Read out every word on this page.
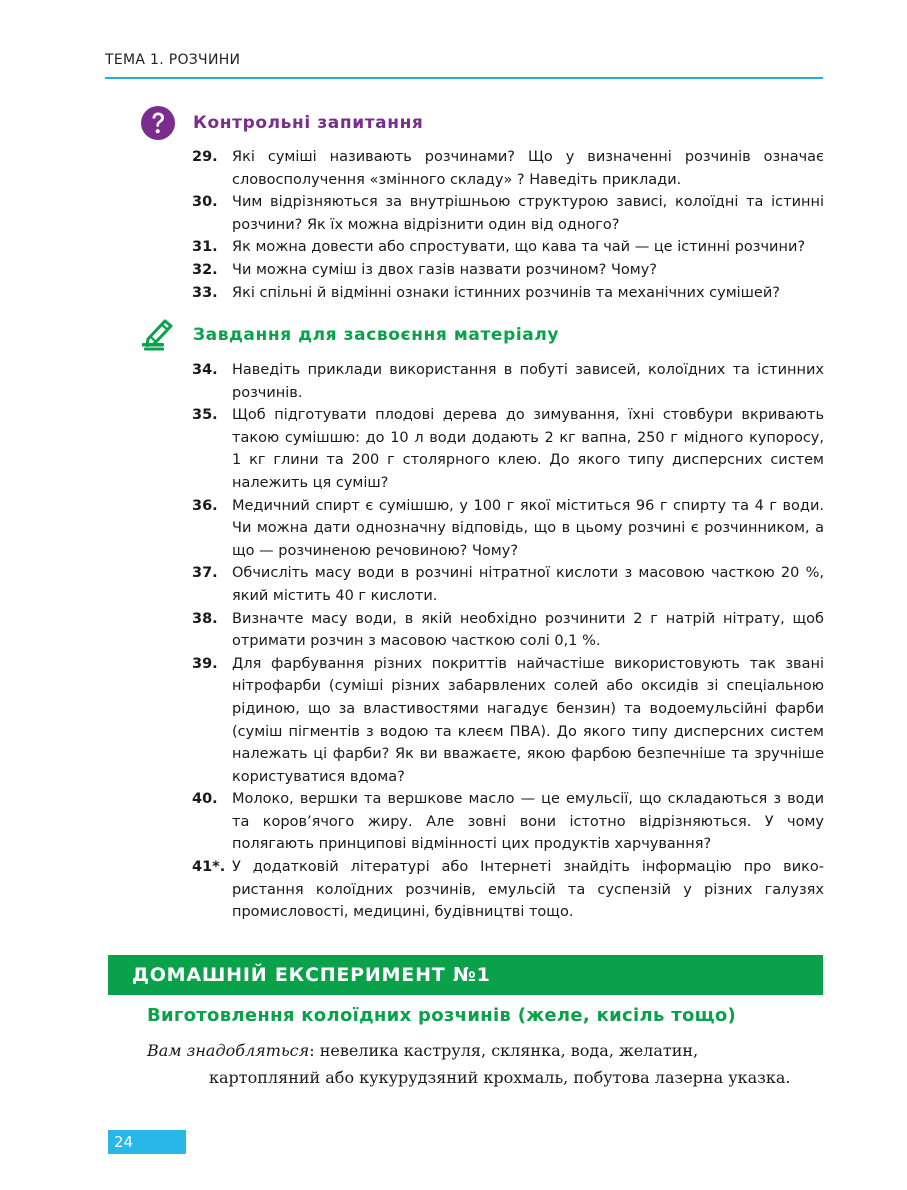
ТЕМА 1. РОЗЧИНИ
Контрольні запитання
29. Які суміші називають розчинами? Що у визначенні розчинів означає словосполучення «змінного складу» ? Наведіть приклади.
30. Чим відрізняються за внутрішньою структурою зависі, колоїдні та істинні розчини? Як їх можна відрізнити один від одного?
31. Як можна довести або спростувати, що кава та чай — це істинні розчини?
32. Чи можна суміш із двох газів назвати розчином? Чому?
33. Які спільні й відмінні ознаки істинних розчинів та механічних сумішей?
Завдання для засвоєння матеріалу
34. Наведіть приклади використання в побуті зависей, колоїдних та істинних розчинів.
35. Щоб підготувати плодові дерева до зимування, їхні стовбури вкривають такою сумішшю: до 10 л води додають 2 кг вапна, 250 г мідного купоросу, 1 кг глини та 200 г столярного клею. До якого типу дисперсних систем належить ця суміш?
36. Медичний спирт є сумішшю, у 100 г якої міститься 96 г спирту та 4 г води. Чи можна дати однозначну відповідь, що в цьому розчині є розчинником, а що — розчиненою речовиною? Чому?
37. Обчисліть масу води в розчині нітратної кислоти з масовою часткою 20 %, який містить 40 г кислоти.
38. Визначте масу води, в якій необхідно розчинити 2 г натрій нітрату, щоб отримати розчин з масовою часткою солі 0,1 %.
39. Для фарбування різних покриттів найчастіше використовують так звані нітрофарби (суміші різних забарвлених солей або оксидів зі спеціальною рідиною, що за властивостями нагадує бензин) та водоемульсійні фарби (суміш пігментів з водою та клеєм ПВА). До якого типу дисперсних систем належать ці фарби? Як ви вважаєте, якою фарбою безпечніше та зручніше користуватися вдома?
40. Молоко, вершки та вершкове масло — це емульсії, що складаються з води та коров’ячого жиру. Але зовні вони істотно відрізняються. У чому полягають принципові відмінності цих продуктів харчування?
41*. У додатковій літературі або Інтернеті знайдіть інформацію про використання колоїдних розчинів, емульсій та суспензій у різних галузях промисловості, медицині, будівництві тощо.
ДОМАШНІЙ ЕКСПЕРИМЕНТ №1
Виготовлення колоїдних розчинів (желе, кисіль тощо)
Вам знадобляться: невелика каструля, склянка, вода, желатин,
картопляний або кукурудзяний крохмаль, побутова лазерна указка.
24
